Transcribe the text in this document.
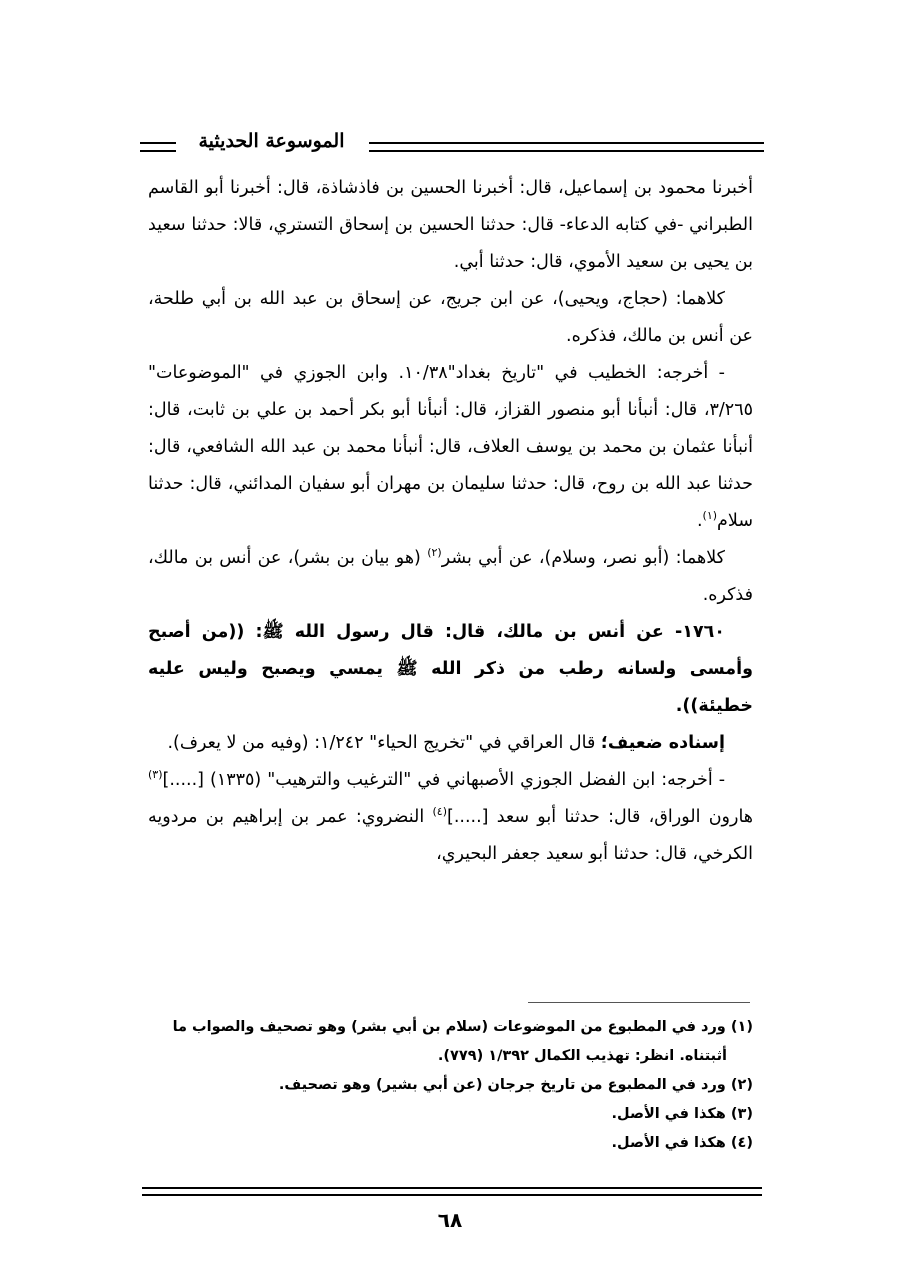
الموسوعة الحديثية

أخبرنا محمود بن إسماعيل، قال: أخبرنا الحسين بن فاذشاذة، قال: أخبرنا أبو القاسم الطبراني -في كتابه الدعاء- قال: حدثنا الحسين بن إسحاق التستري، قالا: حدثنا سعيد بن يحيى بن سعيد الأموي، قال: حدثنا أبي.

كلاهما: (حجاج، ويحيى)، عن ابن جريج، عن إسحاق بن عبد الله بن أبي طلحة، عن أنس بن مالك، فذكره.

- أخرجه: الخطيب في "تاريخ بغداد"١٠/٣٨. وابن الجوزي في "الموضوعات" ٣/٢٦٥، قال: أنبأنا أبو منصور القزاز، قال: أنبأنا أبو بكر أحمد بن علي بن ثابت، قال: أنبأنا عثمان بن محمد بن يوسف العلاف، قال: أنبأنا محمد بن عبد الله الشافعي، قال: حدثنا عبد الله بن روح، قال: حدثنا سليمان بن مهران أبو سفيان المدائني، قال: حدثنا سلام$^{(١)}$.

كلاهما: (أبو نصر، وسلام)، عن أبي بشر$^{(٢)}$ (هو بيان بن بشر)، عن أنس بن مالك، فذكره.

١٧٦٠- عن أنس بن مالك، قال: قال رسول الله ﷺ: ((من أصبح وأمسى ولسانه رطب من ذكر الله ﷺ يمسي ويصبح وليس عليه خطيئة)).

إسناده ضعيف؛ قال العراقي في "تخريج الحياء" ١/٢٤٢: (وفيه من لا يعرف).

- أخرجه: ابن الفضل الجوزي الأصبهاني في "الترغيب والترهيب" (١٣٣٥) [.....]$^{(٣)}$ هارون الوراق، قال: حدثنا أبو سعد [.....]$^{(٤)}$ النضروي: عمر بن إبراهيم بن مردويه الكرخي، قال: حدثنا أبو سعيد جعفر البحيري،

(١) ورد في المطبوع من الموضوعات (سلام بن أبي بشر) وهو تصحيف والصواب ما

أثبتناه. انظر: تهذيب الكمال ١/٣٩٢ (٧٧٩).

(٢) ورد في المطبوع من تاريخ جرجان (عن أبي بشير) وهو تصحيف.

(٣) هكذا في الأصل.

(٤) هكذا في الأصل.

٦٨
